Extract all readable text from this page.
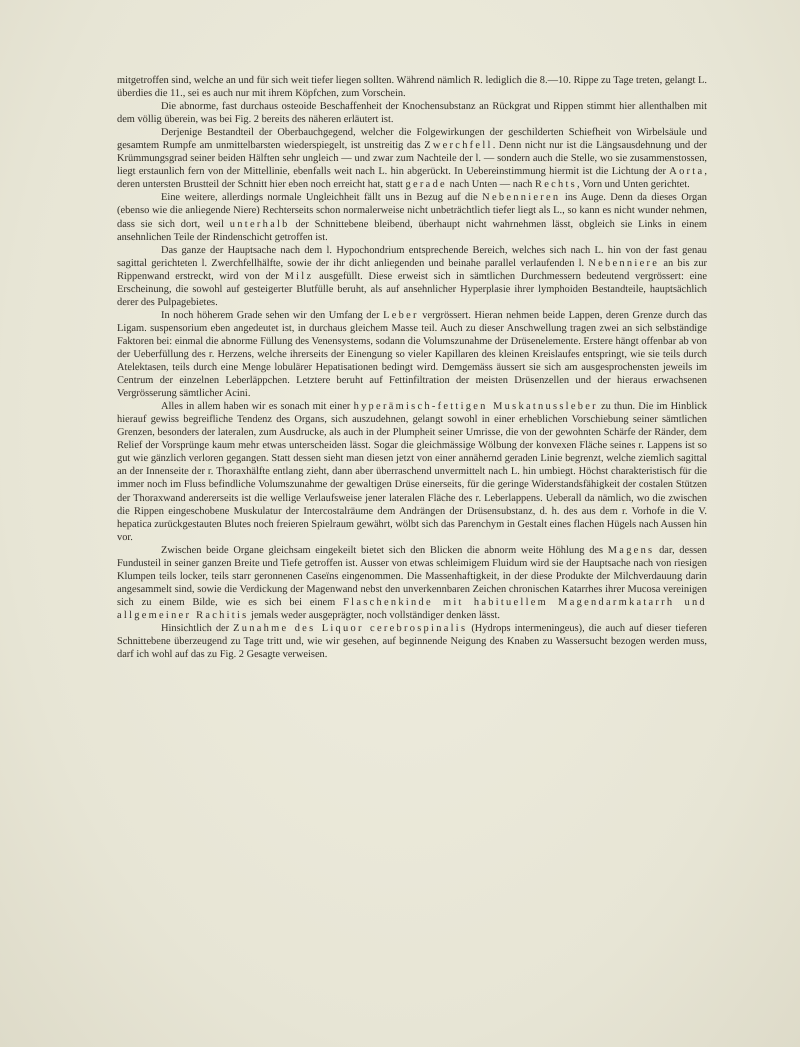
mitgetroffen sind, welche an und für sich weit tiefer liegen sollten. Während nämlich R. lediglich die 8.—10. Rippe zu Tage treten, gelangt L. überdies die 11., sei es auch nur mit ihrem Köpfchen, zum Vorschein.

Die abnorme, fast durchaus osteoide Beschaffenheit der Knochensubstanz an Rückgrat und Rippen stimmt hier allenthalben mit dem völlig überein, was bei Fig. 2 bereits des näheren erläutert ist.

Derjenige Bestandteil der Oberbauchgegend, welcher die Folgewirkungen der geschilderten Schiefheit von Wirbelsäule und gesamtem Rumpfe am unmittelbarsten wiederspiegelt, ist unstreitig das Zwerchfell. Denn nicht nur ist die Längsausdehnung und der Krümmungsgrad seiner beiden Hälften sehr ungleich — und zwar zum Nachteile der l. — sondern auch die Stelle, wo sie zusammenstossen, liegt erstaunlich fern von der Mittellinie, ebenfalls weit nach L. hin abgerückt. In Uebereinstimmung hiermit ist die Lichtung der Aorta, deren untersten Brustteil der Schnitt hier eben noch erreicht hat, statt gerade nach Unten — nach Rechts, Vorn und Unten gerichtet.

Eine weitere, allerdings normale Ungleichheit fällt uns in Bezug auf die Nebennieren ins Auge. Denn da dieses Organ (ebenso wie die anliegende Niere) Rechterseits schon normalerweise nicht unbeträchtlich tiefer liegt als L., so kann es nicht wunder nehmen, dass sie sich dort, weil unterhalb der Schnittebene bleibend, überhaupt nicht wahrnehmen lässt, obgleich sie Links in einem ansehnlichen Teile der Rindenschicht getroffen ist.

Das ganze der Hauptsache nach dem l. Hypochondrium entsprechende Bereich, welches sich nach L. hin von der fast genau sagittal gerichteten l. Zwerchfellhälfte, sowie der ihr dicht anliegenden und beinahe parallel verlaufenden l. Nebenniere an bis zur Rippenwand erstreckt, wird von der Milz ausgefüllt. Diese erweist sich in sämtlichen Durchmessern bedeutend vergrössert: eine Erscheinung, die sowohl auf gesteigerter Blutfülle beruht, als auf ansehnlicher Hyperplasie ihrer lymphoiden Bestandteile, hauptsächlich derer des Pulpagebietes.

In noch höherem Grade sehen wir den Umfang der Leber vergrössert. Hieran nehmen beide Lappen, deren Grenze durch das Ligam. suspensorium eben angedeutet ist, in durchaus gleichem Masse teil. Auch zu dieser Anschwellung tragen zwei an sich selbständige Faktoren bei: einmal die abnorme Füllung des Venensystems, sodann die Volumszunahme der Drüsenelemente. Erstere hängt offenbar ab von der Ueberfüllung des r. Herzens, welche ihrerseits der Einengung so vieler Kapillaren des kleinen Kreislaufes entspringt, wie sie teils durch Atelektasen, teils durch eine Menge lobulärer Hepatisationen bedingt wird. Demgemäss äussert sie sich am ausgesprochensten jeweils im Centrum der einzelnen Leberläppchen. Letztere beruht auf Fettinfiltration der meisten Drüsenzellen und der hieraus erwachsenen Vergrösserung sämtlicher Acini.

Alles in allem haben wir es sonach mit einer hyperämisch-fettigen Muskatnussleber zu thun. Die im Hinblick hierauf gewiss begreifliche Tendenz des Organs, sich auszudehnen, gelangt sowohl in einer erheblichen Vorschiebung seiner sämtlichen Grenzen, besonders der lateralen, zum Ausdrucke, als auch in der Plumpheit seiner Umrisse, die von der gewohnten Schärfe der Ränder, dem Relief der Vorsprünge kaum mehr etwas unterscheiden lässt. Sogar die gleichmässige Wölbung der konvexen Fläche seines r. Lappens ist so gut wie gänzlich verloren gegangen. Statt dessen sieht man diesen jetzt von einer annähernd geraden Linie begrenzt, welche ziemlich sagittal an der Innenseite der r. Thoraxhälfte entlang zieht, dann aber überraschend unvermittelt nach L. hin umbiegt. Höchst charakteristisch für die immer noch im Fluss befindliche Volumszunahme der gewaltigen Drüse einerseits, für die geringe Widerstandsfähigkeit der costalen Stützen der Thoraxwand andererseits ist die wellige Verlaufsweise jener lateralen Fläche des r. Leberlappens. Ueberall da nämlich, wo die zwischen die Rippen eingeschobene Muskulatur der Intercostalräume dem Andrängen der Drüsensubstanz, d. h. des aus dem r. Vorhofe in die V. hepatica zurückgestauten Blutes noch freieren Spielraum gewährt, wölbt sich das Parenchym in Gestalt eines flachen Hügels nach Aussen hin vor.

Zwischen beide Organe gleichsam eingekeilt bietet sich den Blicken die abnorm weite Höhlung des Magens dar, dessen Fundusteil in seiner ganzen Breite und Tiefe getroffen ist. Ausser von etwas schleimigem Fluidum wird sie der Hauptsache nach von riesigen Klumpen teils locker, teils starr geronnenen Caseïns eingenommen. Die Massenhaftigkeit, in der diese Produkte der Milchverdauung darin angesammelt sind, sowie die Verdickung der Magenwand nebst den unverkennbaren Zeichen chronischen Katarrhes ihrer Mucosa vereinigen sich zu einem Bilde, wie es sich bei einem Flaschenkinde mit habituellem Magendarmkatarrh und allgemeiner Rachitis jemals weder ausgeprägter, noch vollständiger denken lässt.

Hinsichtlich der Zunahme des Liquor cerebrospinalis (Hydrops intermeningeus), die auch auf dieser tieferen Schnittebene überzeugend zu Tage tritt und, wie wir gesehen, auf beginnende Neigung des Knaben zu Wassersucht bezogen werden muss, darf ich wohl auf das zu Fig. 2 Gesagte verweisen.
